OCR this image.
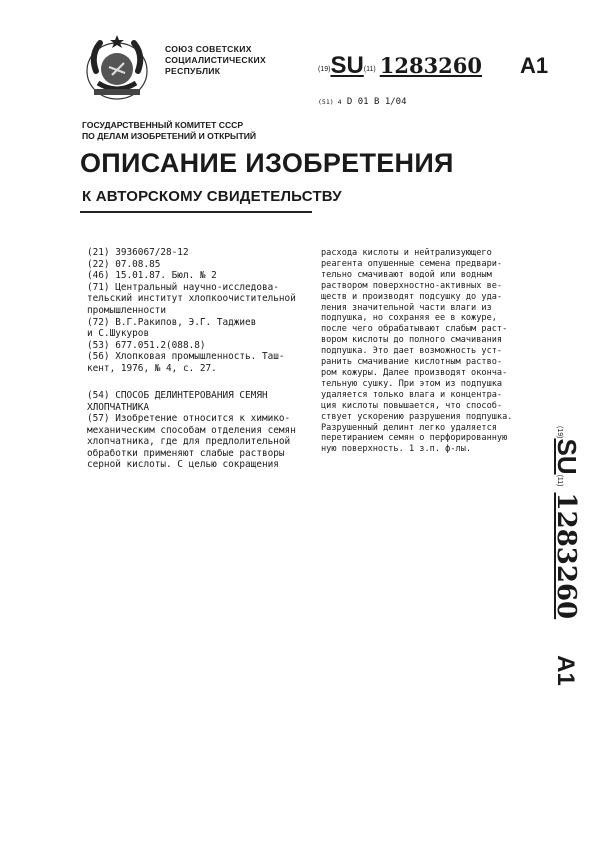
СОЮЗ СОВЕТСКИХ
СОЦИАЛИСТИЧЕСКИХ
РЕСПУБЛИК	(19)SU(11) 1283260 A1
(51) 4 D 01 B 1/04
ГОСУДАРСТВЕННЫЙ КОМИТЕТ СССР
ПО ДЕЛАМ ИЗОБРЕТЕНИЙ И ОТКРЫТИЙ
ОПИСАНИЕ ИЗОБРЕТЕНИЯ
К АВТОРСКОМУ СВИДЕТЕЛЬСТВУ
(21) 3936067/28-12
(22) 07.08.85
(46) 15.01.87. Бюл. № 2
(71) Центральный научно-исследова-
тельский институт хлопкоочистительной
промышленности
(72) В.Г.Ракипов, Э.Г. Таджиев
и С.Шукуров
(53) 677.051.2(088.8)
(56) Хлопковая промышленность. Таш-
кент, 1976, № 4, с. 27.
(54) СПОСОБ ДЕЛИНТЕРОВАНИЯ СЕМЯН
ХЛОПЧАТНИКА
(57) Изобретение относится к химико-
механическим способам отделения семян
хлопчатника, где для предлолительной
обработки применяют слабые растворы
серной кислоты. С целью сокращения
расхода кислоты и нейтрализующего
реагента опушенные семена предвари-
тельно смачивают водой или водным
раствором поверхностно-активных ве-
ществ и производят подсушку до уда-
ления значительной части влаги из
подпушка, но сохраняя ее в кожуре,
после чего обрабатывают слабым раст-
вором кислоты до полного смачивания
подпушка. Это дает возможность уст-
ранить смачивание кислотным раство-
ром кожуры. Далее производят оконча-
тельную сушку. При этом из подпушка
удаляется только влага и концентра-
ция кислоты повышается, что способ-
ствует ускорению разрушения подпушка.
Разрушенный делинт легко удаляется
перетиранием семян о перфорированную
ную поверхность. 1 з.п. ф-лы.
(19)SU(11)1283260A1
